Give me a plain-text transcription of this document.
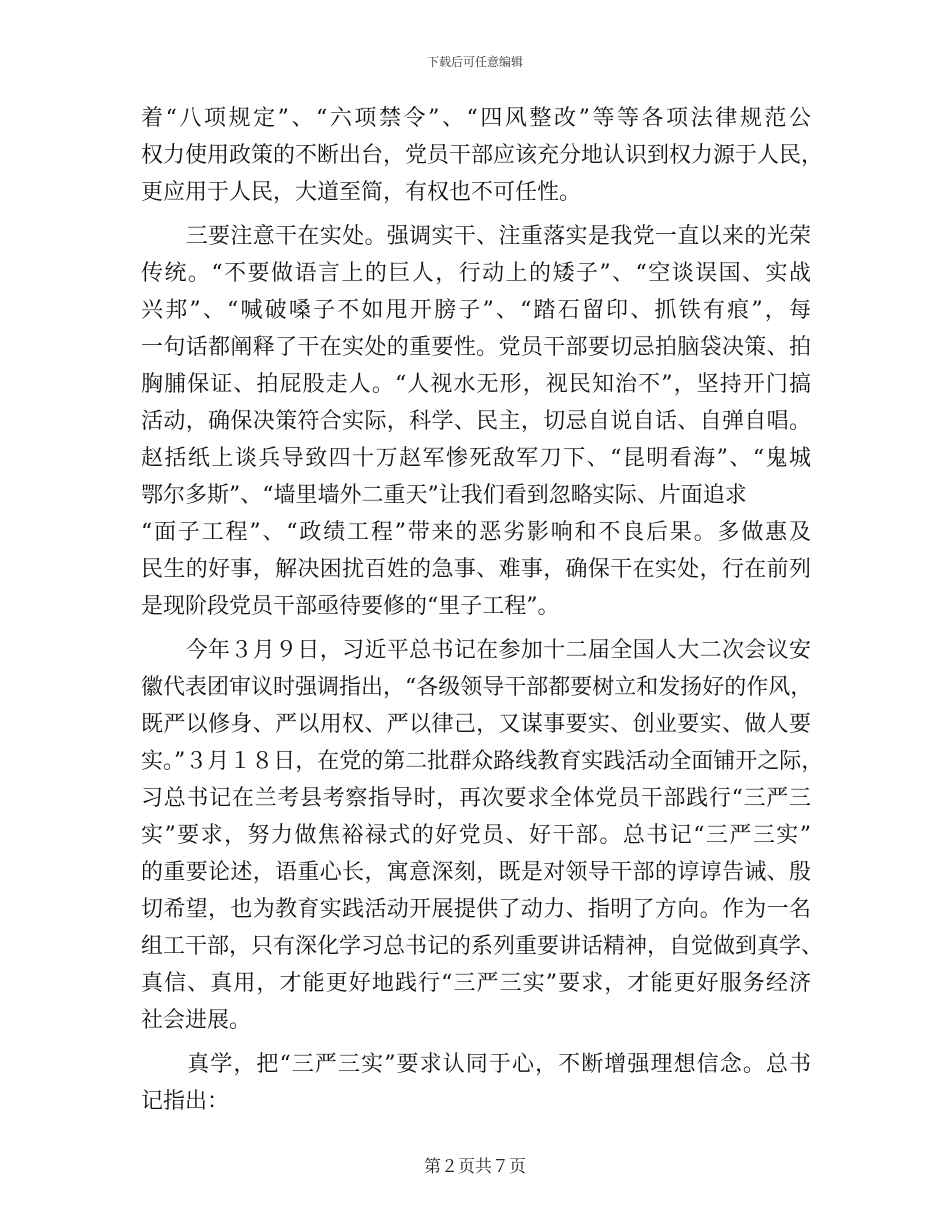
下载后可任意编辑
着“八项规定”、“六项禁令”、“四风整改”等等各项法律规范公
权力使用政策的不断出台，党员干部应该充分地认识到权力源于人民，
更应用于人民，大道至简，有权也不可任性。
　　三要注意干在实处。强调实干、注重落实是我党一直以来的光荣
传统。“不要做语言上的巨人，行动上的矮子”、“空谈误国、实战
兴邦”、“喊破嗓子不如甩开膀子”、“踏石留印、抓铁有痕”，每
一句话都阐释了干在实处的重要性。党员干部要切忌拍脑袋决策、拍
胸脯保证、拍屁股走人。“人视水无形，视民知治不”，坚持开门搞
活动，确保决策符合实际，科学、民主，切忌自说自话、自弹自唱。
赵括纸上谈兵导致四十万赵军惨死敌军刀下、“昆明看海”、“鬼城
鄂尔多斯”、“墙里墙外二重天”让我们看到忽略实际、片面追求
“面子工程”、“政绩工程”带来的恶劣影响和不良后果。多做惠及
民生的好事，解决困扰百姓的急事、难事，确保干在实处，行在前列
是现阶段党员干部亟待要修的“里子工程”。
　　今年３月９日，习近平总书记在参加十二届全国人大二次会议安
徽代表团审议时强调指出，“各级领导干部都要树立和发扬好的作风，
既严以修身、严以用权、严以律己，又谋事要实、创业要实、做人要
实。”３月１８日，在党的第二批群众路线教育实践活动全面铺开之际，
习总书记在兰考县考察指导时，再次要求全体党员干部践行“三严三
实”要求，努力做焦裕禄式的好党员、好干部。总书记“三严三实”
的重要论述，语重心长，寓意深刻，既是对领导干部的谆谆告诫、殷
切希望，也为教育实践活动开展提供了动力、指明了方向。作为一名
组工干部，只有深化学习总书记的系列重要讲话精神，自觉做到真学、
真信、真用，才能更好地践行“三严三实”要求，才能更好服务经济
社会进展。
　　真学，把“三严三实”要求认同于心，不断增强理想信念。总书
记指出：
第２页共７页
